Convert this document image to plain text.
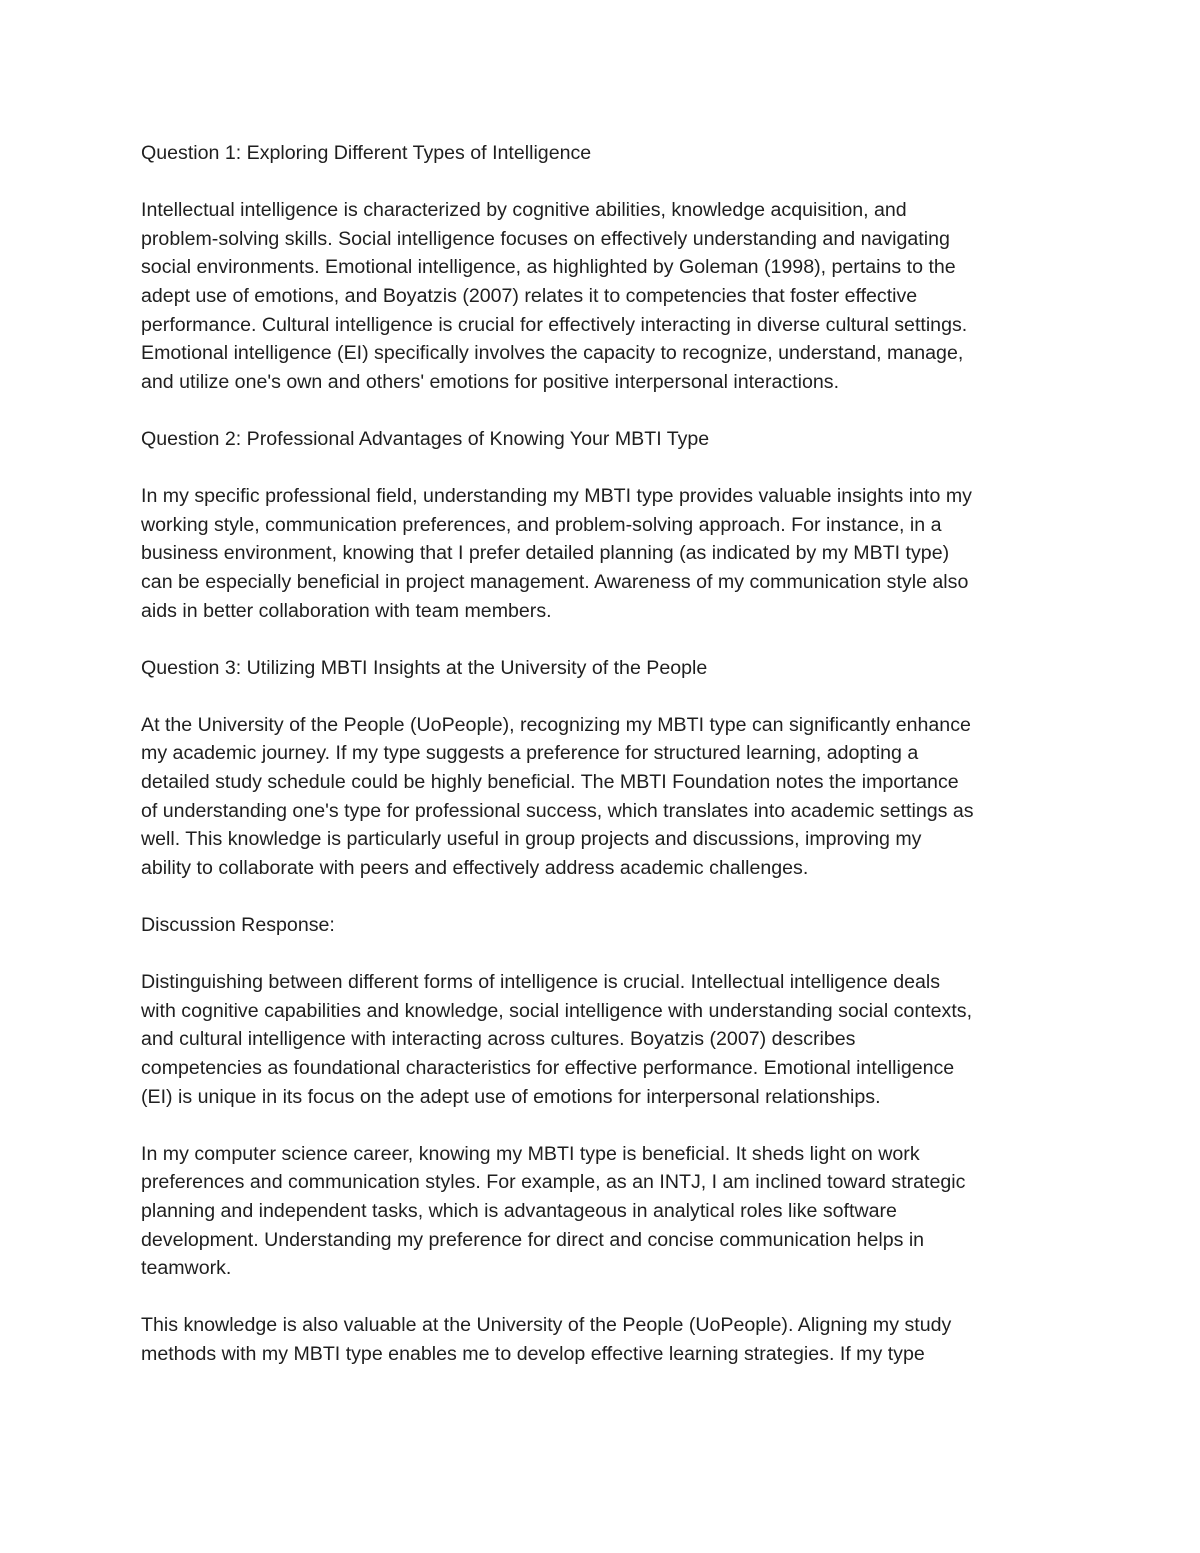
Question 1: Exploring Different Types of Intelligence

Intellectual intelligence is characterized by cognitive abilities, knowledge acquisition, and
problem-solving skills. Social intelligence focuses on effectively understanding and navigating
social environments. Emotional intelligence, as highlighted by Goleman (1998), pertains to the
adept use of emotions, and Boyatzis (2007) relates it to competencies that foster effective
performance. Cultural intelligence is crucial for effectively interacting in diverse cultural settings.
Emotional intelligence (EI) specifically involves the capacity to recognize, understand, manage,
and utilize one's own and others' emotions for positive interpersonal interactions.

Question 2: Professional Advantages of Knowing Your MBTI Type

In my specific professional field, understanding my MBTI type provides valuable insights into my
working style, communication preferences, and problem-solving approach. For instance, in a
business environment, knowing that I prefer detailed planning (as indicated by my MBTI type)
can be especially beneficial in project management. Awareness of my communication style also
aids in better collaboration with team members.

Question 3: Utilizing MBTI Insights at the University of the People

At the University of the People (UoPeople), recognizing my MBTI type can significantly enhance
my academic journey. If my type suggests a preference for structured learning, adopting a
detailed study schedule could be highly beneficial. The MBTI Foundation notes the importance
of understanding one's type for professional success, which translates into academic settings as
well. This knowledge is particularly useful in group projects and discussions, improving my
ability to collaborate with peers and effectively address academic challenges.

Discussion Response:

Distinguishing between different forms of intelligence is crucial. Intellectual intelligence deals
with cognitive capabilities and knowledge, social intelligence with understanding social contexts,
and cultural intelligence with interacting across cultures. Boyatzis (2007) describes
competencies as foundational characteristics for effective performance. Emotional intelligence
(EI) is unique in its focus on the adept use of emotions for interpersonal relationships.

In my computer science career, knowing my MBTI type is beneficial. It sheds light on work
preferences and communication styles. For example, as an INTJ, I am inclined toward strategic
planning and independent tasks, which is advantageous in analytical roles like software
development. Understanding my preference for direct and concise communication helps in
teamwork.

This knowledge is also valuable at the University of the People (UoPeople). Aligning my study
methods with my MBTI type enables me to develop effective learning strategies. If my type
